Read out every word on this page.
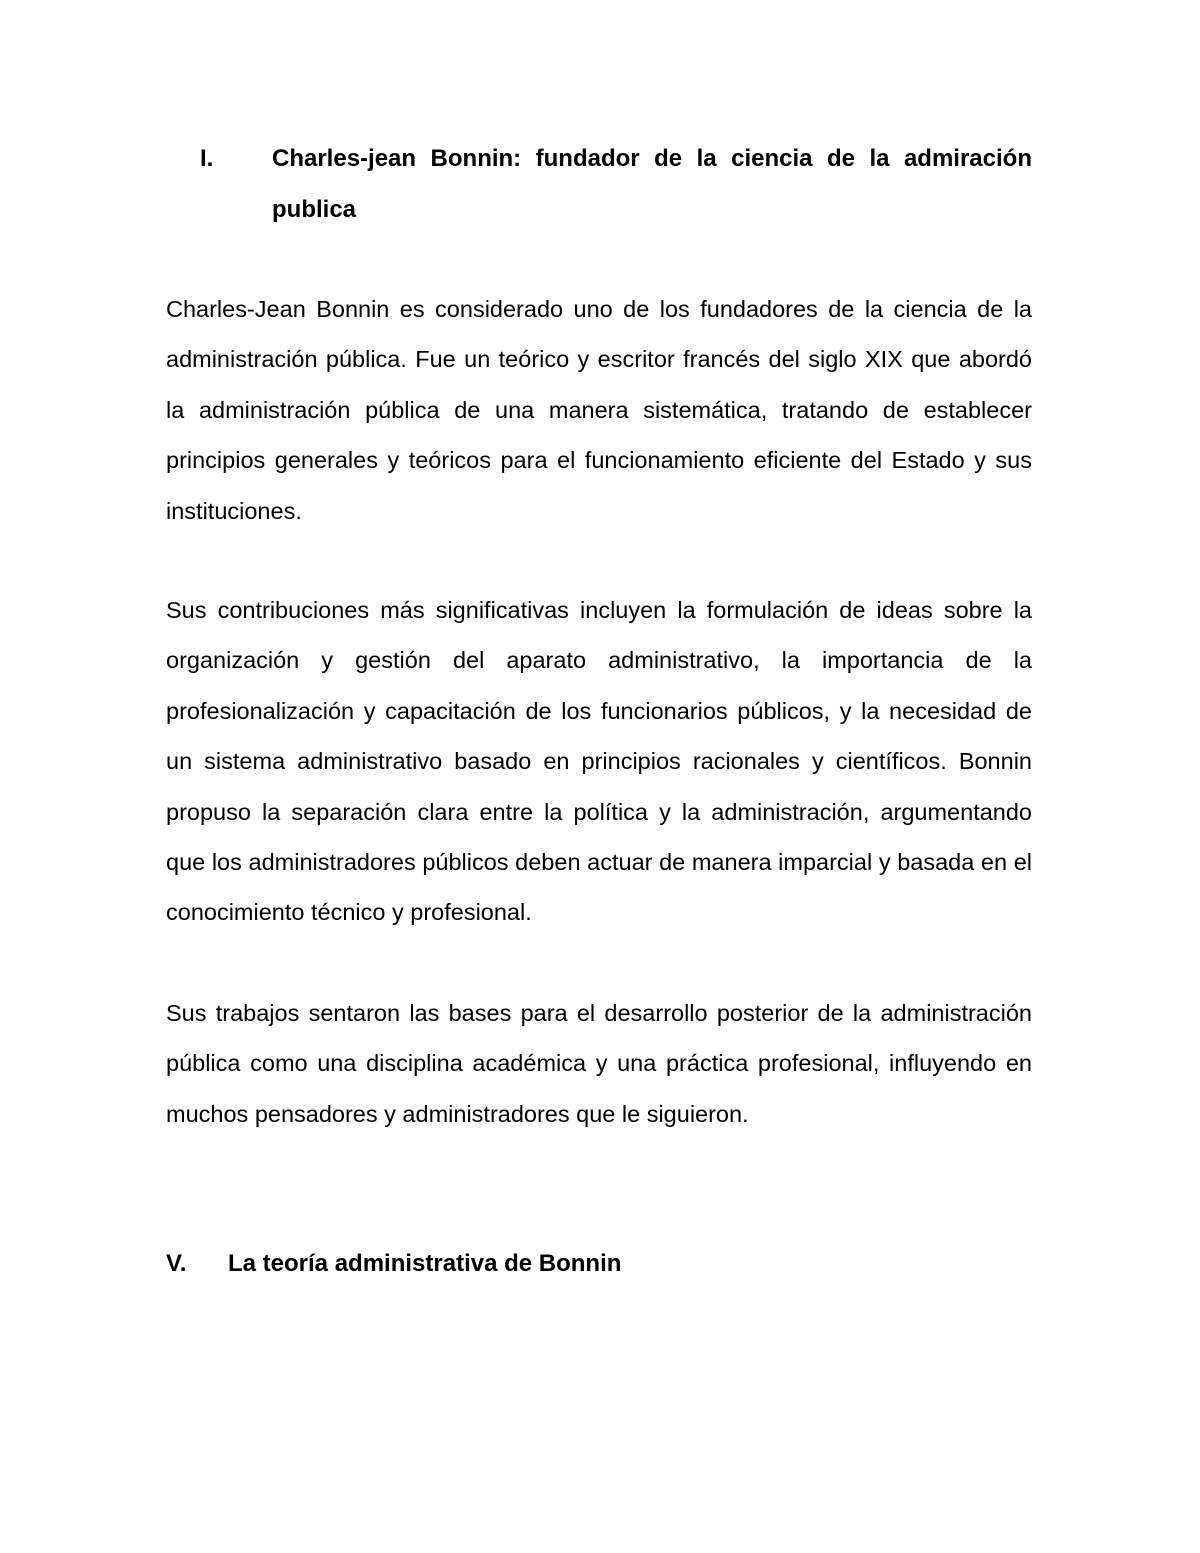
I. Charles-jean Bonnin: fundador de la ciencia de la admiración publica

Charles-Jean Bonnin es considerado uno de los fundadores de la ciencia de la administración pública. Fue un teórico y escritor francés del siglo XIX que abordó la administración pública de una manera sistemática, tratando de establecer principios generales y teóricos para el funcionamiento eficiente del Estado y sus instituciones.

Sus contribuciones más significativas incluyen la formulación de ideas sobre la organización y gestión del aparato administrativo, la importancia de la profesionalización y capacitación de los funcionarios públicos, y la necesidad de un sistema administrativo basado en principios racionales y científicos. Bonnin propuso la separación clara entre la política y la administración, argumentando que los administradores públicos deben actuar de manera imparcial y basada en el conocimiento técnico y profesional.

Sus trabajos sentaron las bases para el desarrollo posterior de la administración pública como una disciplina académica y una práctica profesional, influyendo en muchos pensadores y administradores que le siguieron.

V. La teoría administrativa de Bonnin
